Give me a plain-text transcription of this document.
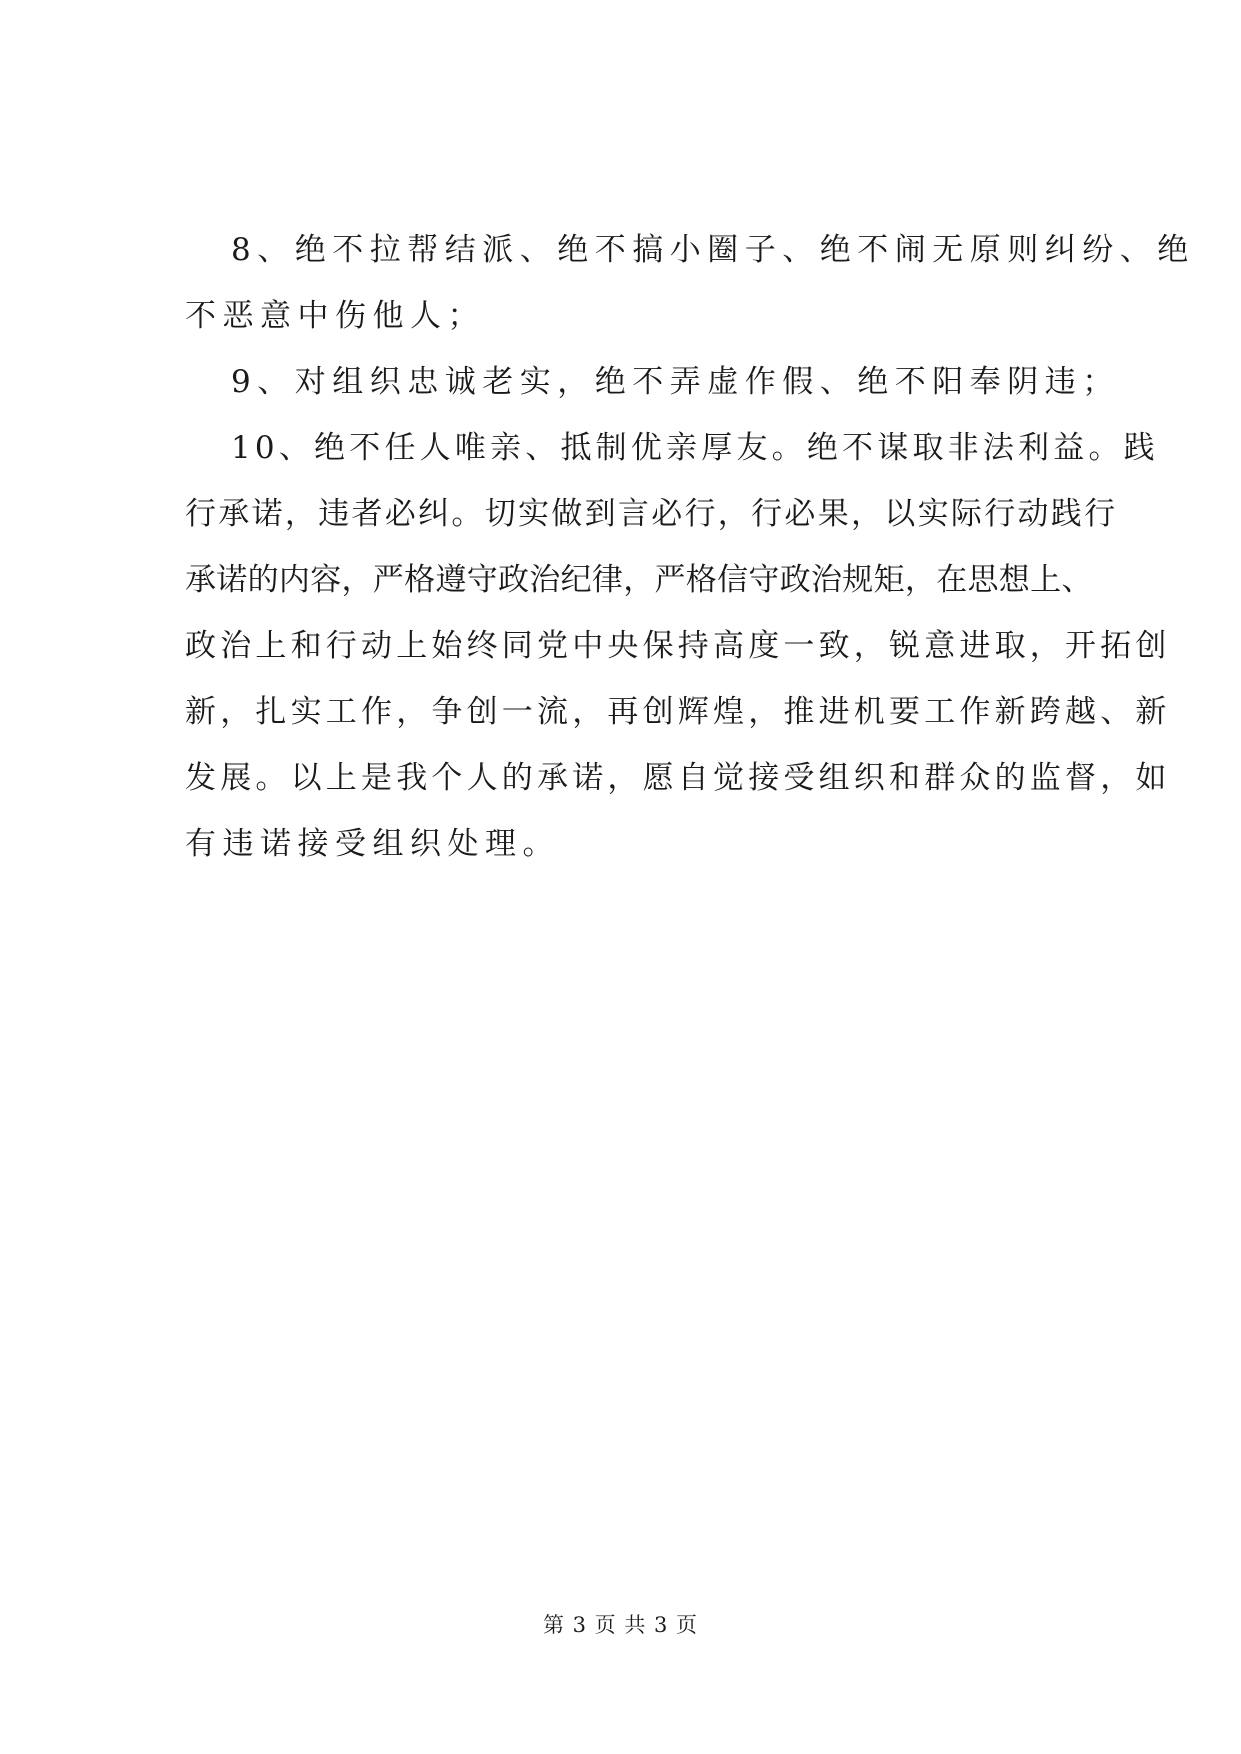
8、绝不拉帮结派、绝不搞小圈子、绝不闹无原则纠纷、绝
不恶意中伤他人；
9、对组织忠诚老实，绝不弄虚作假、绝不阳奉阴违；
10、绝不任人唯亲、抵制优亲厚友。绝不谋取非法利益。践
行承诺，违者必纠。切实做到言必行，行必果，以实际行动践行
承诺的内容，严格遵守政治纪律，严格信守政治规矩，在思想上、
政治上和行动上始终同党中央保持高度一致，锐意进取，开拓创
新，扎实工作，争创一流，再创辉煌，推进机要工作新跨越、新
发展。以上是我个人的承诺，愿自觉接受组织和群众的监督，如
有违诺接受组织处理。
第 3 页 共 3 页
